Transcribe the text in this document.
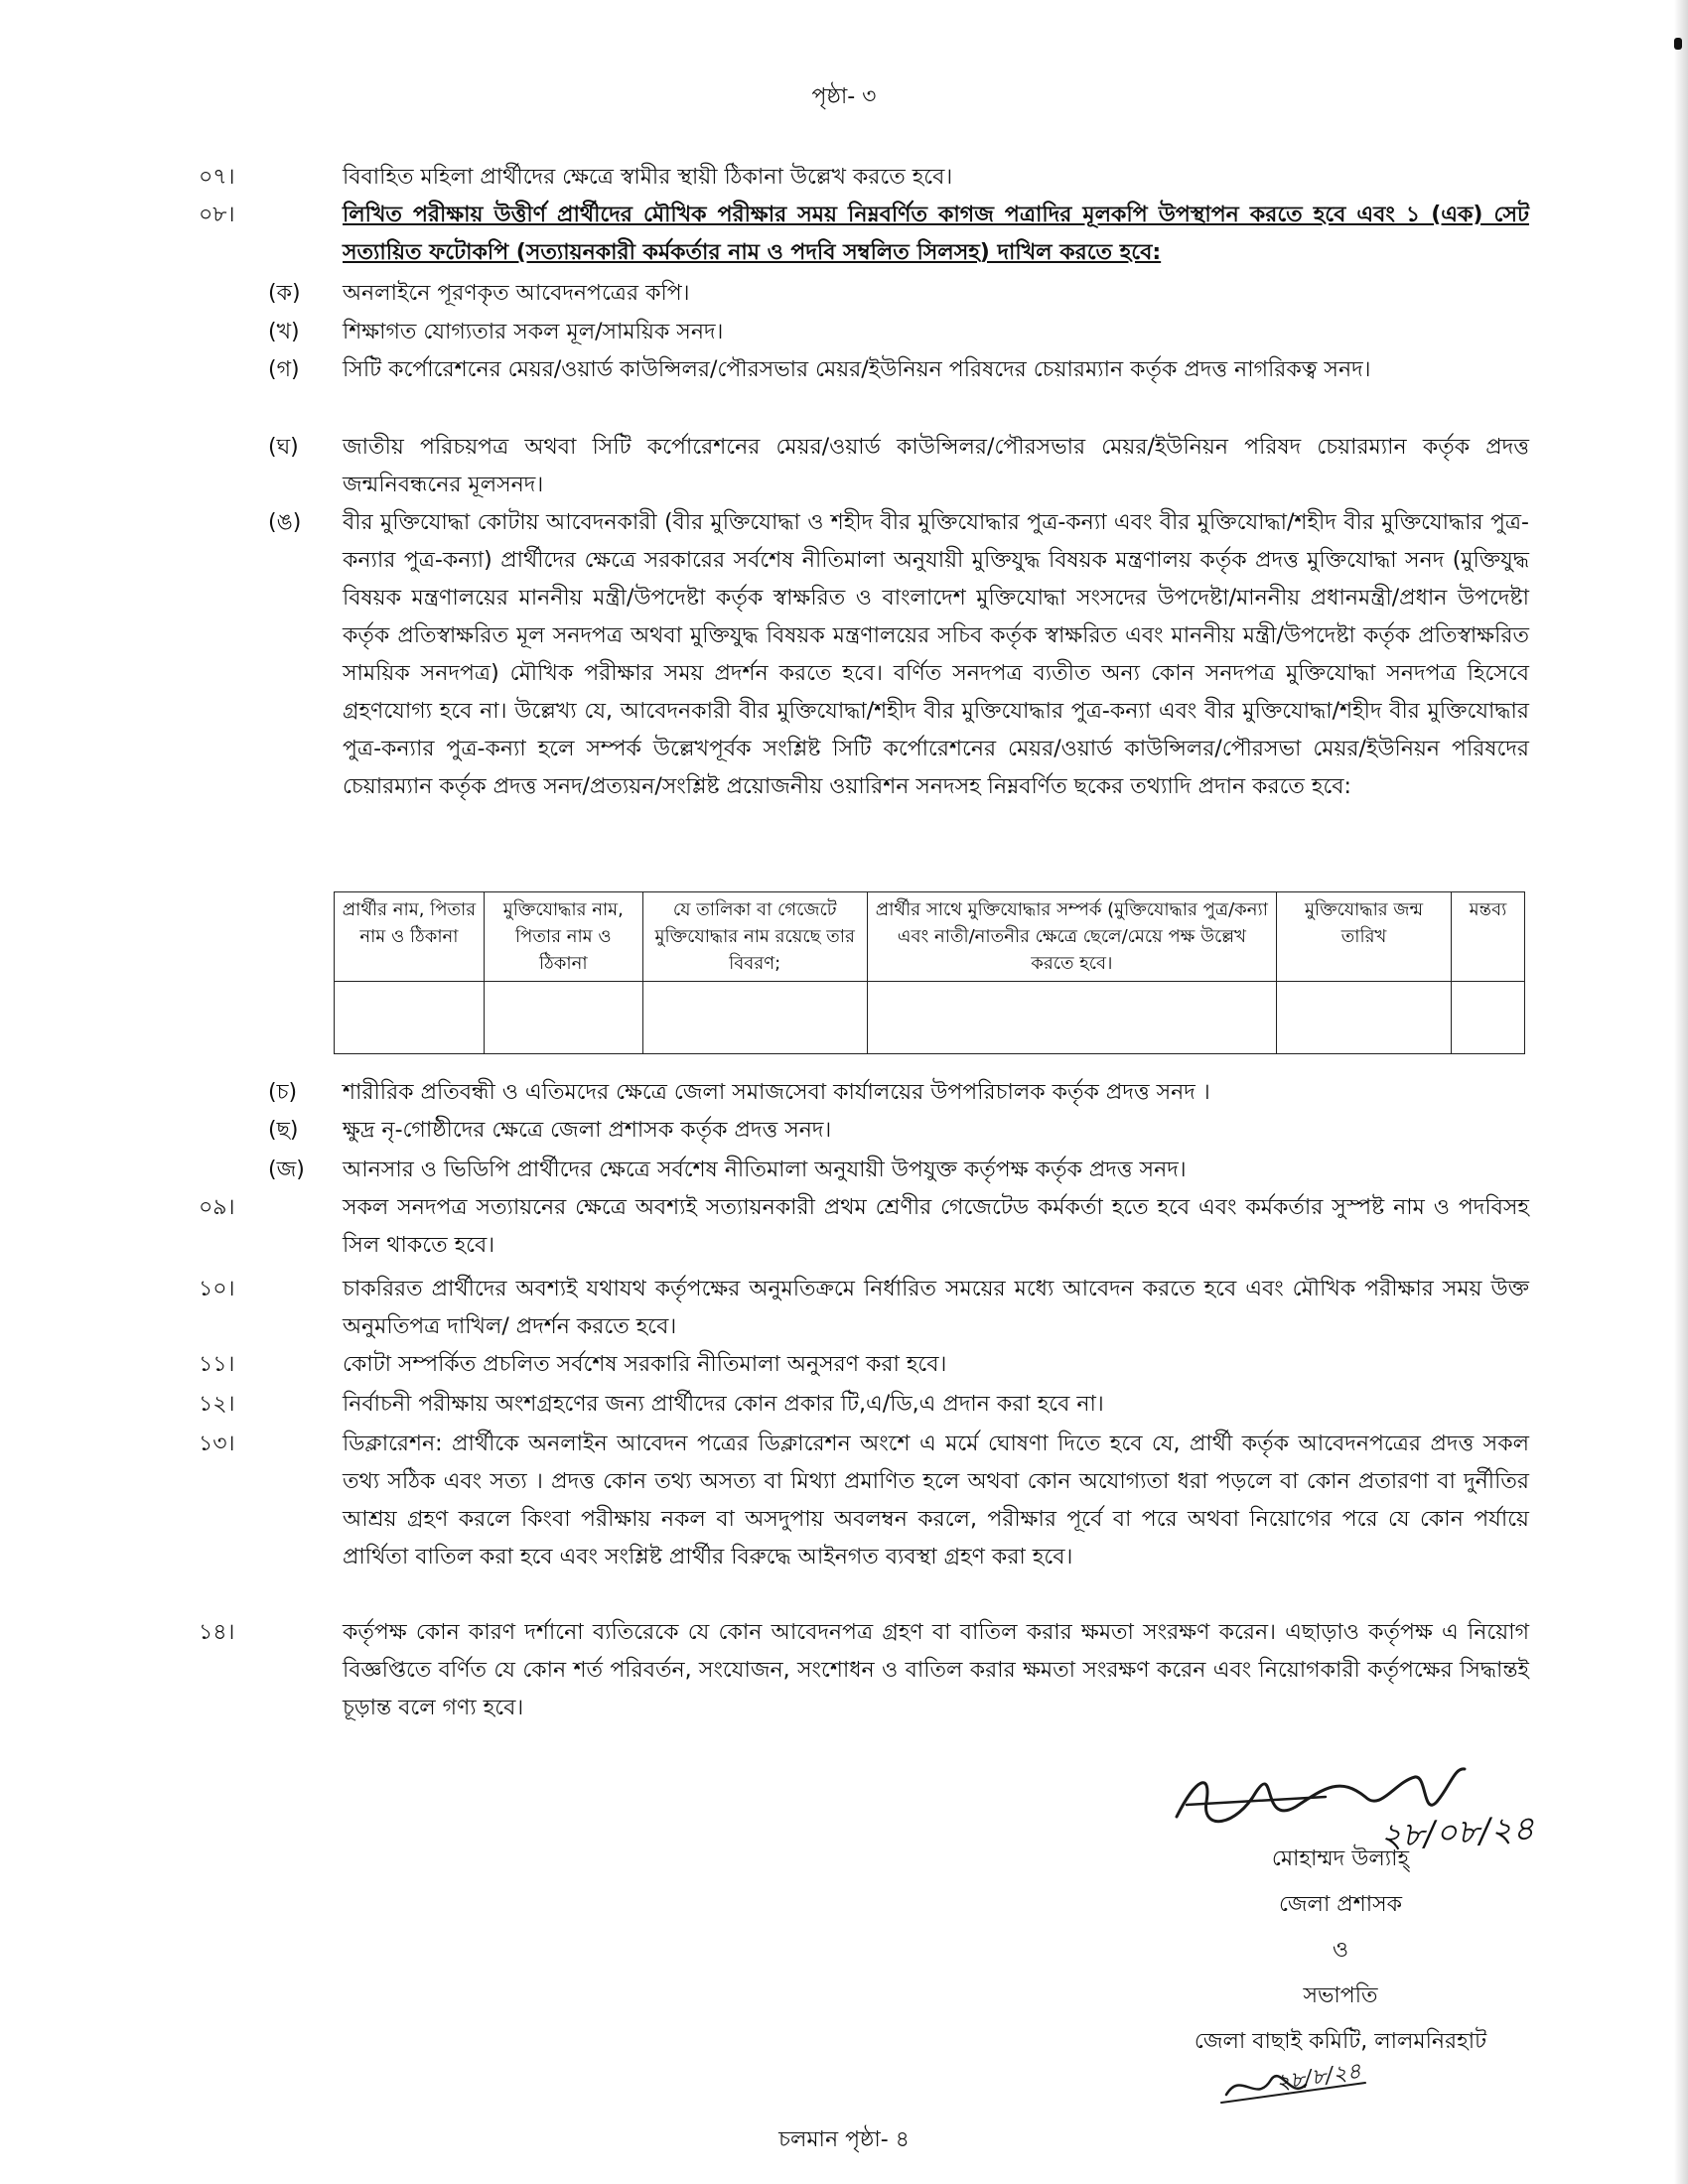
পৃষ্ঠা- ৩
০৭।	বিবাহিত মহিলা প্রার্থীদের ক্ষেত্রে স্বামীর স্থায়ী ঠিকানা উল্লেখ করতে হবে।
০৮।	লিখিত পরীক্ষায় উত্তীর্ণ প্রার্থীদের মৌখিক পরীক্ষার সময় নিম্নবর্ণিত কাগজ পত্রাদির মূলকপি উপস্থাপন করতে হবে এবং ১ (এক) সেট সত্যায়িত ফটোকপি (সত্যায়নকারী কর্মকর্তার নাম ও পদবি সম্বলিত সিলসহ) দাখিল করতে হবে:
(ক)	অনলাইনে পূরণকৃত আবেদনপত্রের কপি।
(খ)	শিক্ষাগত যোগ্যতার সকল মূল/সাময়িক সনদ।
(গ)	সিটি কর্পোরেশনের মেয়র/ওয়ার্ড কাউন্সিলর/পৌরসভার মেয়র/ইউনিয়ন পরিষদের চেয়ারম্যান কর্তৃক প্রদত্ত নাগরিকত্ব সনদ।
(ঘ)	জাতীয় পরিচয়পত্র অথবা সিটি কর্পোরেশনের মেয়র/ওয়ার্ড কাউন্সিলর/পৌরসভার মেয়র/ইউনিয়ন পরিষদ চেয়ারম্যান কর্তৃক প্রদত্ত জন্মনিবন্ধনের মূলসনদ।
(ঙ)	বীর মুক্তিযোদ্ধা কোটায় আবেদনকারী (বীর মুক্তিযোদ্ধা ও শহীদ বীর মুক্তিযোদ্ধার পুত্র-কন্যা এবং বীর মুক্তিযোদ্ধা/শহীদ বীর মুক্তিযোদ্ধার পুত্র-কন্যার পুত্র-কন্যা) প্রার্থীদের ক্ষেত্রে সরকারের সর্বশেষ নীতিমালা অনুযায়ী মুক্তিযুদ্ধ বিষয়ক মন্ত্রণালয় কর্তৃক প্রদত্ত মুক্তিযোদ্ধা সনদ (মুক্তিযুদ্ধ বিষয়ক মন্ত্রণালয়ের মাননীয় মন্ত্রী/উপদেষ্টা কর্তৃক স্বাক্ষরিত ও বাংলাদেশ মুক্তিযোদ্ধা সংসদের উপদেষ্টা/মাননীয় প্রধানমন্ত্রী/প্রধান উপদেষ্টা কর্তৃক প্রতিস্বাক্ষরিত মূল সনদপত্র অথবা মুক্তিযুদ্ধ বিষয়ক মন্ত্রণালয়ের সচিব কর্তৃক স্বাক্ষরিত এবং মাননীয় মন্ত্রী/উপদেষ্টা কর্তৃক প্রতিস্বাক্ষরিত সাময়িক সনদপত্র) মৌখিক পরীক্ষার সময় প্রদর্শন করতে হবে। বর্ণিত সনদপত্র ব্যতীত অন্য কোন সনদপত্র মুক্তিযোদ্ধা সনদপত্র হিসেবে গ্রহণযোগ্য হবে না। উল্লেখ্য যে, আবেদনকারী বীর মুক্তিযোদ্ধা/শহীদ বীর মুক্তিযোদ্ধার পুত্র-কন্যা এবং বীর মুক্তিযোদ্ধা/শহীদ বীর মুক্তিযোদ্ধার পুত্র-কন্যার পুত্র-কন্যা হলে সম্পর্ক উল্লেখপূর্বক সংশ্লিষ্ট সিটি কর্পোরেশনের মেয়র/ওয়ার্ড কাউন্সিলর/পৌরসভা মেয়র/ইউনিয়ন পরিষদের চেয়ারম্যান কর্তৃক প্রদত্ত সনদ/প্রত্যয়ন/সংশ্লিষ্ট প্রয়োজনীয় ওয়ারিশন সনদসহ নিম্নবর্ণিত ছকের তথ্যাদি প্রদান করতে হবে:
প্রার্থীর নাম, পিতার নাম ও ঠিকানা	মুক্তিযোদ্ধার নাম, পিতার নাম ও ঠিকানা	যে তালিকা বা গেজেটে মুক্তিযোদ্ধার নাম রয়েছে তার বিবরণ;	প্রার্থীর সাথে মুক্তিযোদ্ধার সম্পর্ক (মুক্তিযোদ্ধার পুত্র/কন্যা এবং নাতী/নাতনীর ক্ষেত্রে ছেলে/মেয়ে পক্ষ উল্লেখ করতে হবে।	মুক্তিযোদ্ধার জন্ম তারিখ	মন্তব্য

(চ)	শারীরিক প্রতিবন্ধী ও এতিমদের ক্ষেত্রে জেলা সমাজসেবা কার্যালয়ের উপপরিচালক কর্তৃক প্রদত্ত সনদ ।
(ছ)	ক্ষুদ্র নৃ-গোষ্ঠীদের ক্ষেত্রে জেলা প্রশাসক কর্তৃক প্রদত্ত সনদ।
(জ)	আনসার ও ভিডিপি প্রার্থীদের ক্ষেত্রে সর্বশেষ নীতিমালা অনুযায়ী উপযুক্ত কর্তৃপক্ষ কর্তৃক প্রদত্ত সনদ।
০৯।	সকল সনদপত্র সত্যায়নের ক্ষেত্রে অবশ্যই সত্যায়নকারী প্রথম শ্রেণীর গেজেটেড কর্মকর্তা হতে হবে এবং কর্মকর্তার সুস্পষ্ট নাম ও পদবিসহ সিল থাকতে হবে।
১০।	চাকরিরত প্রার্থীদের অবশ্যই যথাযথ কর্তৃপক্ষের অনুমতিক্রমে নির্ধারিত সময়ের মধ্যে আবেদন করতে হবে এবং মৌখিক পরীক্ষার সময় উক্ত অনুমতিপত্র দাখিল/ প্রদর্শন করতে হবে।
১১।	কোটা সম্পর্কিত প্রচলিত সর্বশেষ সরকারি নীতিমালা অনুসরণ করা হবে।
১২।	নির্বাচনী পরীক্ষায় অংশগ্রহণের জন্য প্রার্থীদের কোন প্রকার টি,এ/ডি,এ প্রদান করা হবে না।
১৩।	ডিক্লারেশন: প্রার্থীকে অনলাইন আবেদন পত্রের ডিক্লারেশন অংশে এ মর্মে ঘোষণা দিতে হবে যে, প্রার্থী কর্তৃক আবেদনপত্রের প্রদত্ত সকল তথ্য সঠিক এবং সত্য । প্রদত্ত কোন তথ্য অসত্য বা মিথ্যা প্রমাণিত হলে অথবা কোন অযোগ্যতা ধরা পড়লে বা কোন প্রতারণা বা দুর্নীতির আশ্রয় গ্রহণ করলে কিংবা পরীক্ষায় নকল বা অসদুপায় অবলম্বন করলে, পরীক্ষার পূর্বে বা পরে অথবা নিয়োগের পরে যে কোন পর্যায়ে প্রার্থিতা বাতিল করা হবে এবং সংশ্লিষ্ট প্রার্থীর বিরুদ্ধে আইনগত ব্যবস্থা গ্রহণ করা হবে।
১৪।	কর্তৃপক্ষ কোন কারণ দর্শানো ব্যতিরেকে যে কোন আবেদনপত্র গ্রহণ বা বাতিল করার ক্ষমতা সংরক্ষণ করেন। এছাড়াও কর্তৃপক্ষ এ নিয়োগ বিজ্ঞপ্তিতে বর্ণিত যে কোন শর্ত পরিবর্তন, সংযোজন, সংশোধন ও বাতিল করার ক্ষমতা সংরক্ষণ করেন এবং নিয়োগকারী কর্তৃপক্ষের সিদ্ধান্তই চূড়ান্ত বলে গণ্য হবে।
২৮/০৮/২৪
মোহাম্মদ উল্যাহ্
জেলা প্রশাসক
ও
সভাপতি
জেলা বাছাই কমিটি, লালমনিরহাট
২৮/৮/২৪
চলমান পৃষ্ঠা- ৪
